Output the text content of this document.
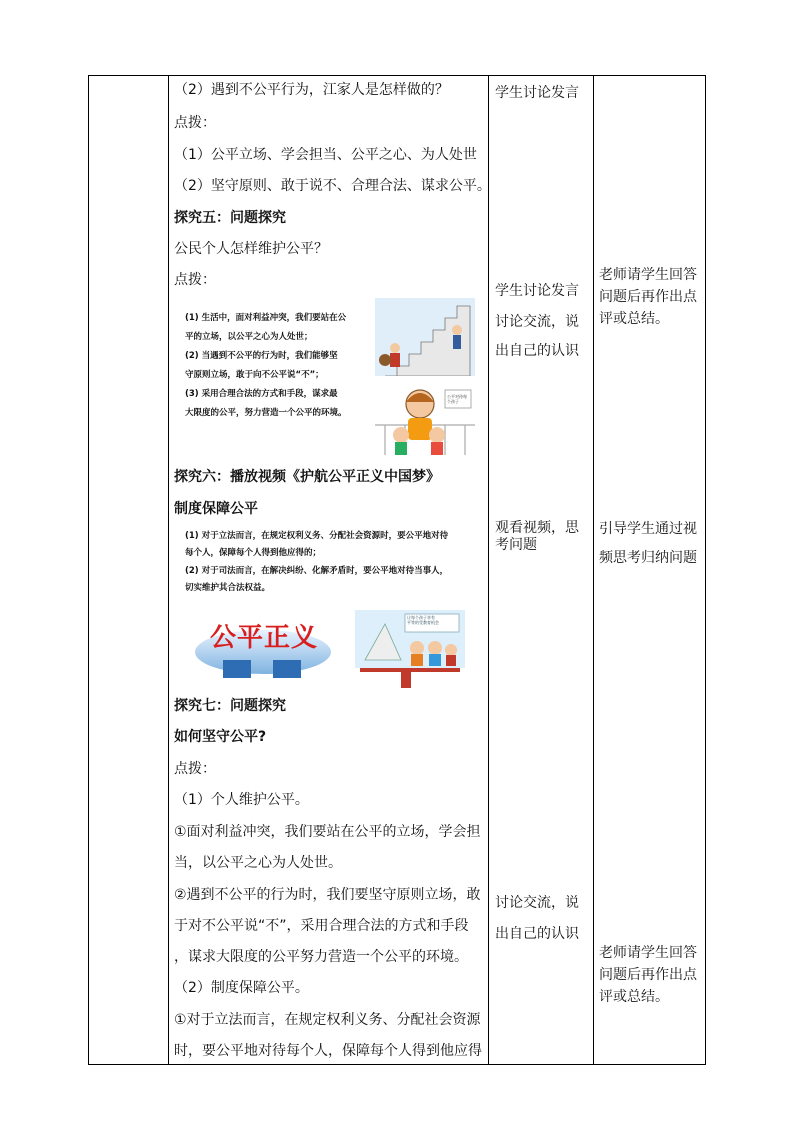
（2）遇到不公平行为，江家人是怎样做的？
点拨：
（1）公平立场、学会担当、公平之心、为人处世
（2）坚守原则、敢于说不、合理合法、谋求公平。
探究五：问题探究
公民个人怎样维护公平？
点拨：
(1) 生活中，面对利益冲突，我们要站在公
平的立场，以公平之心为人处世；
(2) 当遇到不公平的行为时，我们能够坚
守原则立场，敢于向不公平说“不”；
(3) 采用合理合法的方式和手段，谋求最
大限度的公平，努力营造一个公平的环境。
公平对待每个孩子
探究六：播放视频《护航公平正义中国梦》
制度保障公平
(1) 对于立法而言，在规定权利义务、分配社会资源时，要公平地对待
每个人，保障每个人得到他应得的；
(2) 对于司法而言，在解决纠纷、化解矛盾时，要公平地对待当事人，
切实维护其合法权益。
公平正义
让每个孩子享有
平等的受教育机会
探究七：问题探究
如何坚守公平?
点拨：
（1）个人维护公平。
①面对利益冲突，我们要站在公平的立场，学会担
当，以公平之心为人处世。
②遇到不公平的行为时，我们要坚守原则立场，敢
于对不公平说“不”，采用合理合法的方式和手段
，谋求大限度的公平努力营造一个公平的环境。
（2）制度保障公平。
①对于立法而言，在规定权利义务、分配社会资源
时，要公平地对待每个人，保障每个人得到他应得
学生讨论发言
学生讨论发言
讨论交流，说
出自己的认识
观看视频，思
考问题
讨论交流，说
出自己的认识
老师请学生回答
问题后再作出点
评或总结。
引导学生通过视
频思考归纳问题
老师请学生回答
问题后再作出点
评或总结。
